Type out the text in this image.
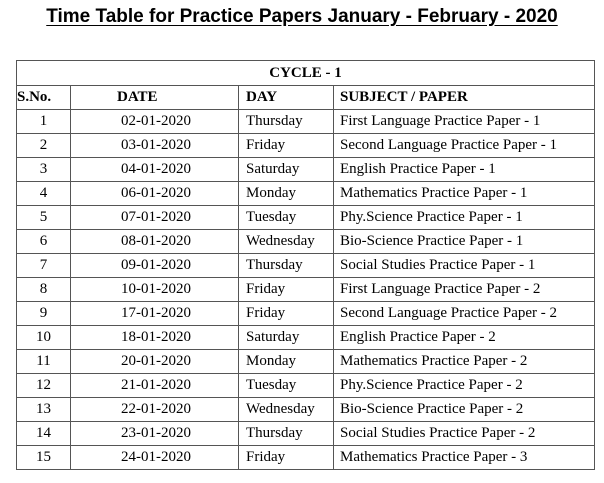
Time Table for Practice Papers January - February - 2020
CYCLE - 1			
S.No.	DATE	DAY	SUBJECT / PAPER
1	02-01-2020	Thursday	First Language Practice Paper - 1
2	03-01-2020	Friday	Second Language Practice Paper - 1
3	04-01-2020	Saturday	English Practice Paper - 1
4	06-01-2020	Monday	Mathematics Practice Paper - 1
5	07-01-2020	Tuesday	Phy.Science Practice Paper - 1
6	08-01-2020	Wednesday	Bio-Science Practice Paper - 1
7	09-01-2020	Thursday	Social Studies Practice Paper - 1
8	10-01-2020	Friday	First Language Practice Paper - 2
9	17-01-2020	Friday	Second Language Practice Paper - 2
10	18-01-2020	Saturday	English Practice Paper - 2
11	20-01-2020	Monday	Mathematics Practice Paper - 2
12	21-01-2020	Tuesday	Phy.Science Practice Paper - 2
13	22-01-2020	Wednesday	Bio-Science Practice Paper - 2
14	23-01-2020	Thursday	Social Studies Practice Paper - 2
15	24-01-2020	Friday	Mathematics Practice Paper - 3
